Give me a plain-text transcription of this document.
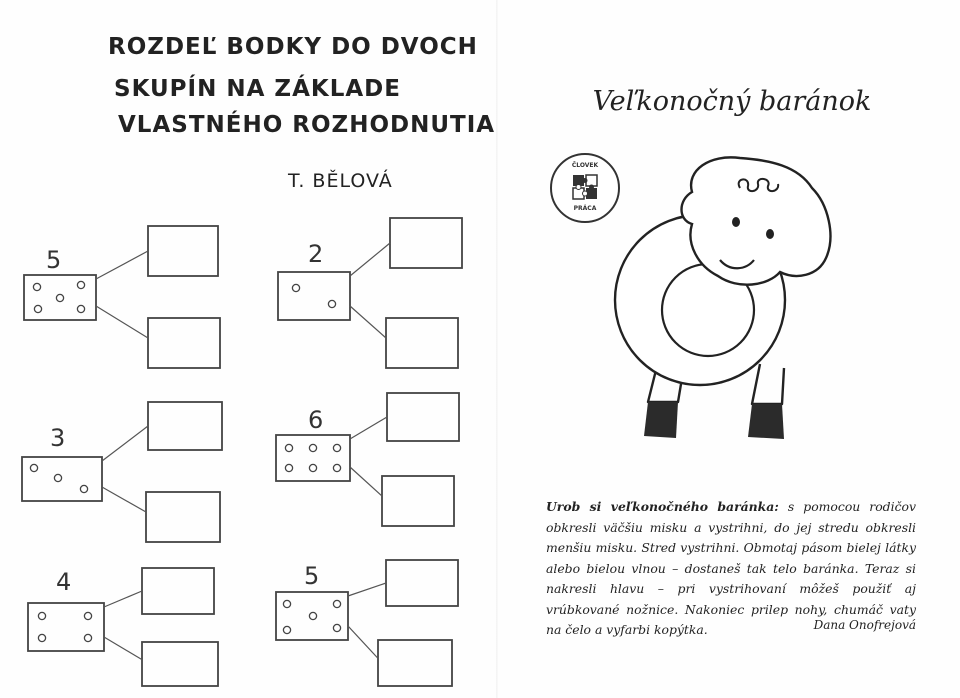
ROZDEĽ BODKY DO DVOCH
SKUPÍN NA ZÁKLADE
VLASTNÉHO ROZHODNUTIA
T. BĚLOVÁ
5	2
3
6
4	5
Veľkonočný baránok
ČLOVEK
PRÁCA
Urob si veľkonočného baránka: s pomocou rodičov obkresli väčšiu misku a vystrihni, do jej stredu obkresli menšiu misku. Stred vystrihni. Obmotaj pásom bielej látky alebo bielou vlnou – dostaneš tak telo baránka. Teraz si nakresli hlavu – pri vystrihovaní môžeš použiť aj vrúbkované nožnice. Nakoniec prilep nohy, chumáč vaty na čelo a vyfarbi kopýtka.	Dana Onofrejová
